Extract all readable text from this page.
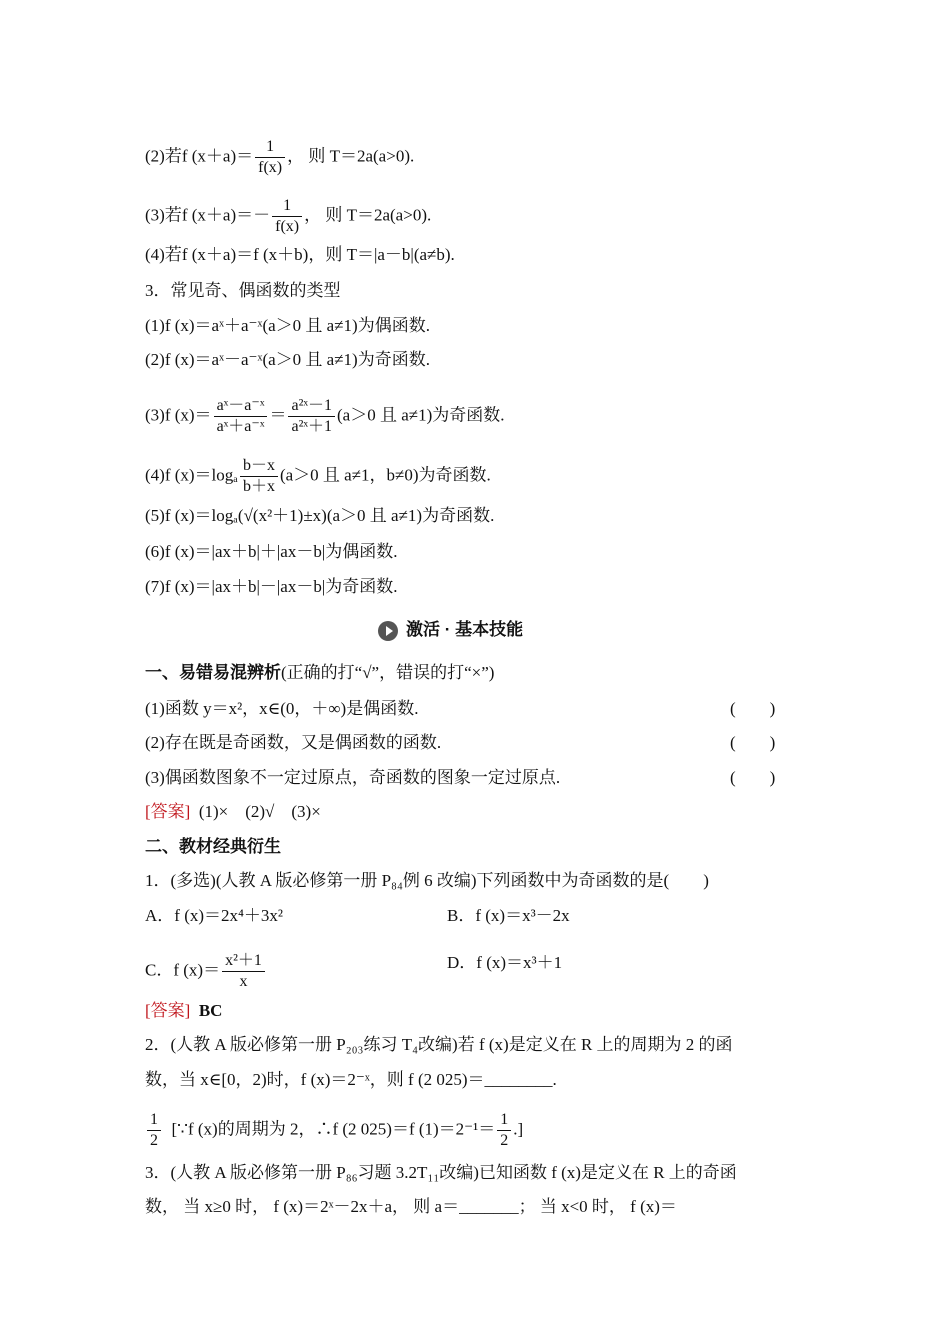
(2)若f $(x+a)= \frac{1}{f(x)}$ ， 则 T＝2a(a>0).
(3)若f $(x+a)=- \frac{1}{f(x)}$ ， 则 T＝2a(a>0).
(4)若f (x＋a)＝f (x＋b)，则 T＝|a－b|(a≠b).
3．常见奇、偶函数的类型
(1)f (x)＝aˣ＋a⁻ˣ(a＞0 且 a≠1)为偶函数.
(2)f (x)＝aˣ－a⁻ˣ(a＞0 且 a≠1)为奇函数.
(3)f $(x)= \frac{\text{aˣ－a⁻ˣ}}{\text{aˣ＋a⁻ˣ}} = \frac{\text{a²ˣ－1}}{\text{a²ˣ＋1}} (a>0$ 且 a≠1)为奇函数.
(4)f $(x)=\log_a \frac{b-x}{b+x} (a>0$ 且 a≠1，b≠0)为奇函数.
(5)f (x)＝logₐ(√(x²＋1)±x)(a＞0 且 a≠1)为奇函数.
(6)f (x)＝|ax＋b|＋|ax－b|为偶函数.
(7)f (x)＝|ax＋b|－|ax－b|为奇函数.
激活 · 基本技能
一、易错易混辨析(正确的打“√”，错误的打“×”)
(1)函数 y＝x²，x∈(0，＋∞)是偶函数.	(　　)
(2)存在既是奇函数，又是偶函数的函数.	(　　)
(3)偶函数图象不一定过原点，奇函数的图象一定过原点.	(　　)
[答案] (1)×　(2)√　(3)×
二、教材经典衍生
1．(多选)(人教 A 版必修第一册 P₈₄例 6 改编)下列函数中为奇函数的是(　　)
A．f (x)＝2x⁴＋3x²	B．f (x)＝x³－2x
C．f $(x)= \frac{\text{x²＋1}}{x}$	D．f (x)＝x³＋1
[答案] BC
2．(人教 A 版必修第一册 P₂₀₃练习 T₄改编)若 f (x)是定义在 R 上的周期为 2 的函
数，当 x∈[0，2)时，f (x)＝2⁻ˣ，则 f (2 025)＝________.
$\frac{1}{2}$ [∵f (x)的周期为 2，∴f (2 025)＝f $(1)=2^{-1}= \frac{1}{2}$ .]
3．(人教 A 版必修第一册 P₈₆习题 3.2T₁₁改编)已知函数 f (x)是定义在 R 上的奇函
数， 当 x≥0 时， f (x)＝2ˣ－2x＋a， 则 a＝_______； 当 x<0 时， f (x)＝
